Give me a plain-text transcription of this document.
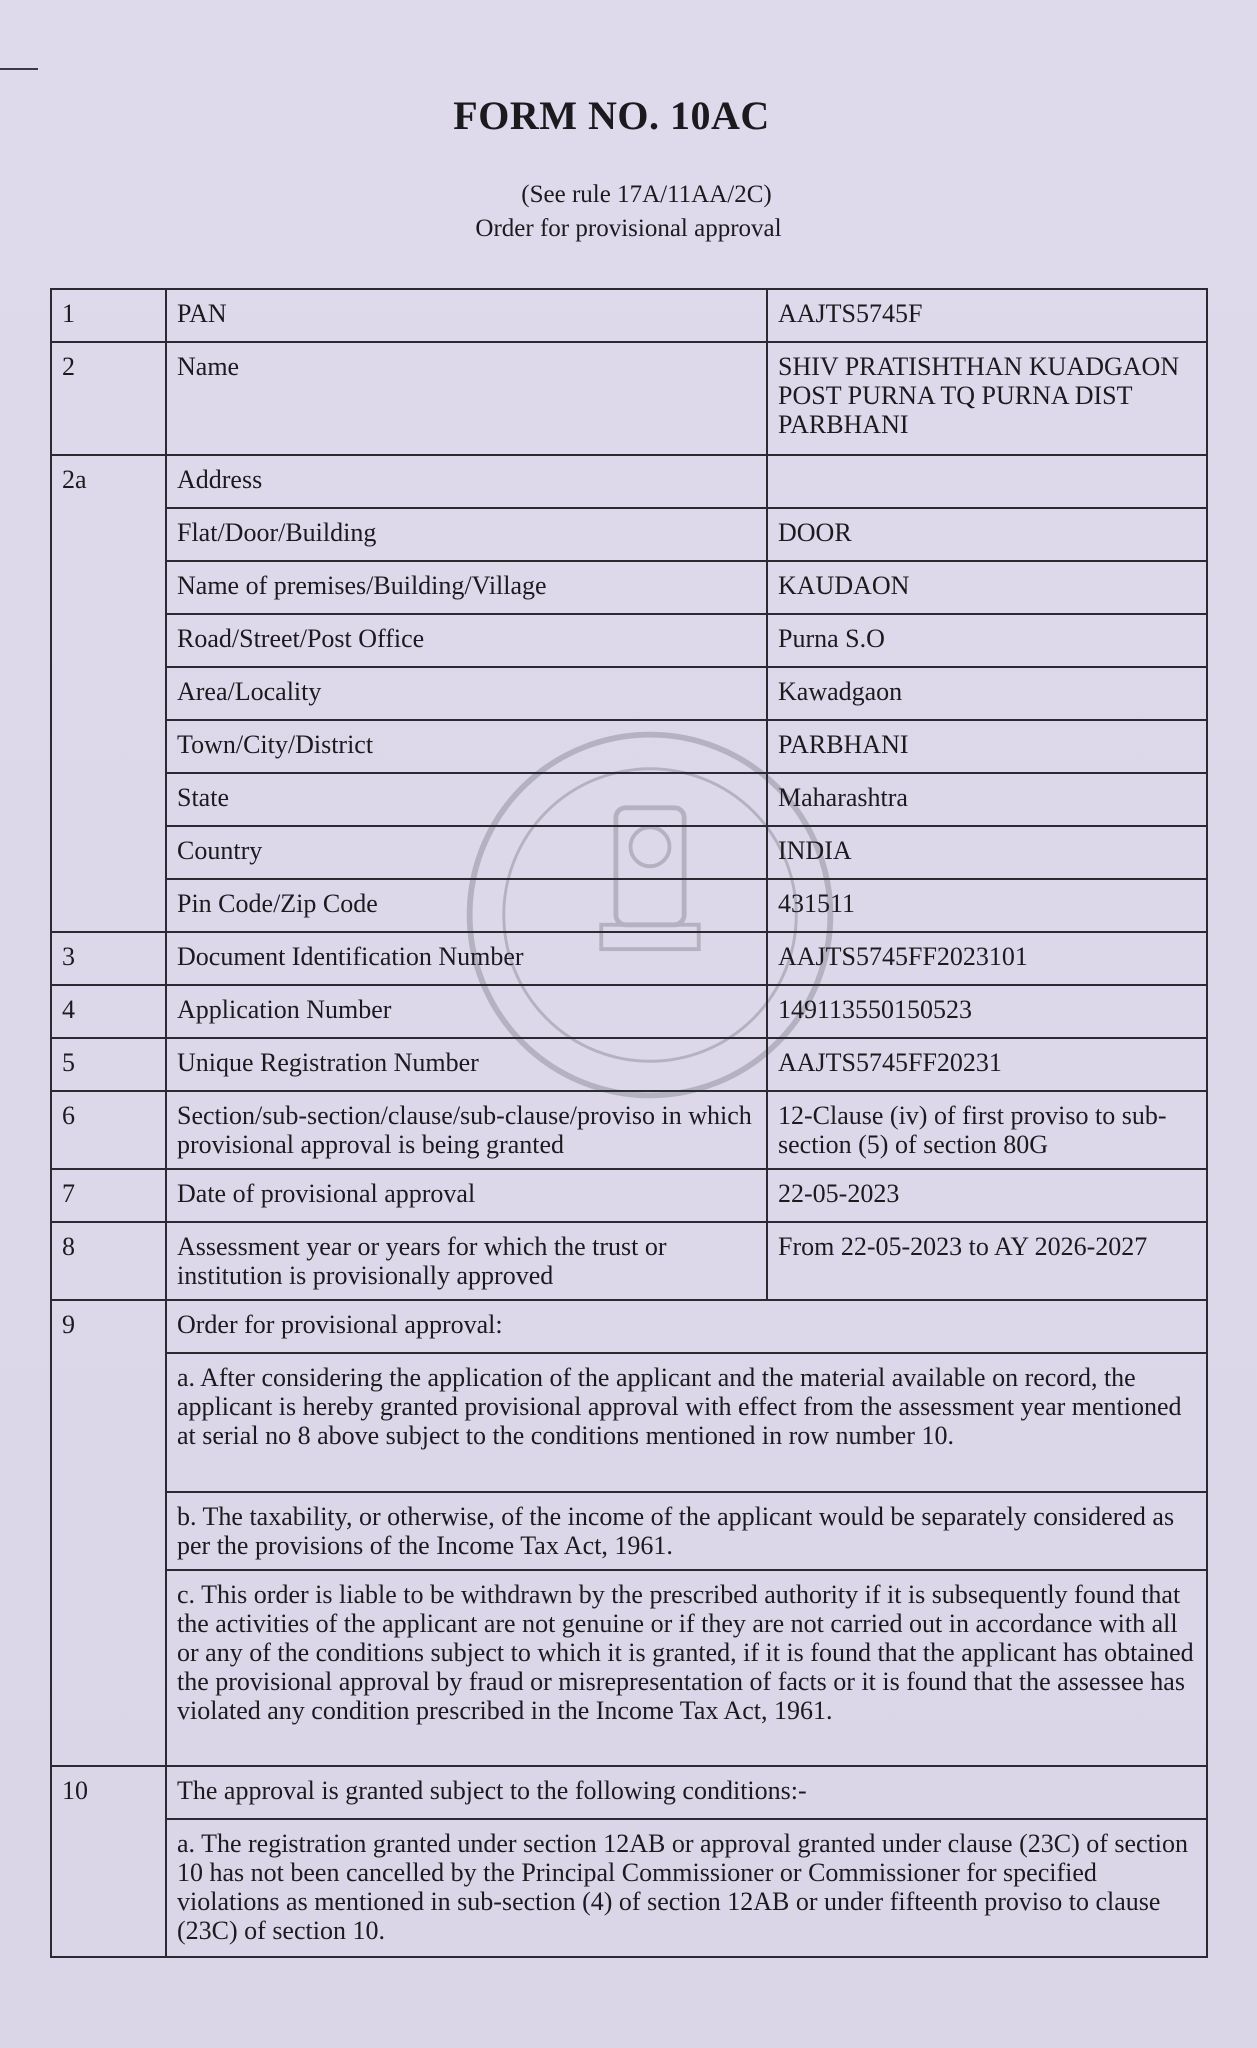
FORM NO. 10AC
(See rule 17A/11AA/2C)
Order for provisional approval
1	PAN	AAJTS5745F
2	Name	SHIV PRATISHTHAN KUADGAON POST PURNA TQ PURNA DIST PARBHANI
2a	Address	
	Flat/Door/Building	DOOR
	Name of premises/Building/Village	KAUDAON
	Road/Street/Post Office	Purna S.O
	Area/Locality	Kawadgaon
	Town/City/District	PARBHANI
	State	Maharashtra
	Country	INDIA
	Pin Code/Zip Code	431511
3	Document Identification Number	AAJTS5745FF2023101
4	Application Number	149113550150523
5	Unique Registration Number	AAJTS5745FF20231
6	Section/sub-section/clause/sub-clause/proviso in which provisional approval is being granted	12-Clause (iv) of first proviso to sub-section (5) of section 80G
7	Date of provisional approval	22-05-2023
8	Assessment year or years for which the trust or institution is provisionally approved	From 22-05-2023 to AY 2026-2027
9	Order for provisional approval:	
	a. After considering the application of the applicant and the material available on record, the applicant is hereby granted provisional approval with effect from the assessment year mentioned at serial no 8 above subject to the conditions mentioned in row number 10.	
	b. The taxability, or otherwise, of the income of the applicant would be separately considered as per the provisions of the Income Tax Act, 1961.	
	c. This order is liable to be withdrawn by the prescribed authority if it is subsequently found that the activities of the applicant are not genuine or if they are not carried out in accordance with all or any of the conditions subject to which it is granted, if it is found that the applicant has obtained the provisional approval by fraud or misrepresentation of facts or it is found that the assessee has violated any condition prescribed in the Income Tax Act, 1961.	
10	The approval is granted subject to the following conditions:-	
	a. The registration granted under section 12AB or approval granted under clause (23C) of section 10 has not been cancelled by the Principal Commissioner or Commissioner for specified violations as mentioned in sub-section (4) of section 12AB or under fifteenth proviso to clause (23C) of section 10.	
